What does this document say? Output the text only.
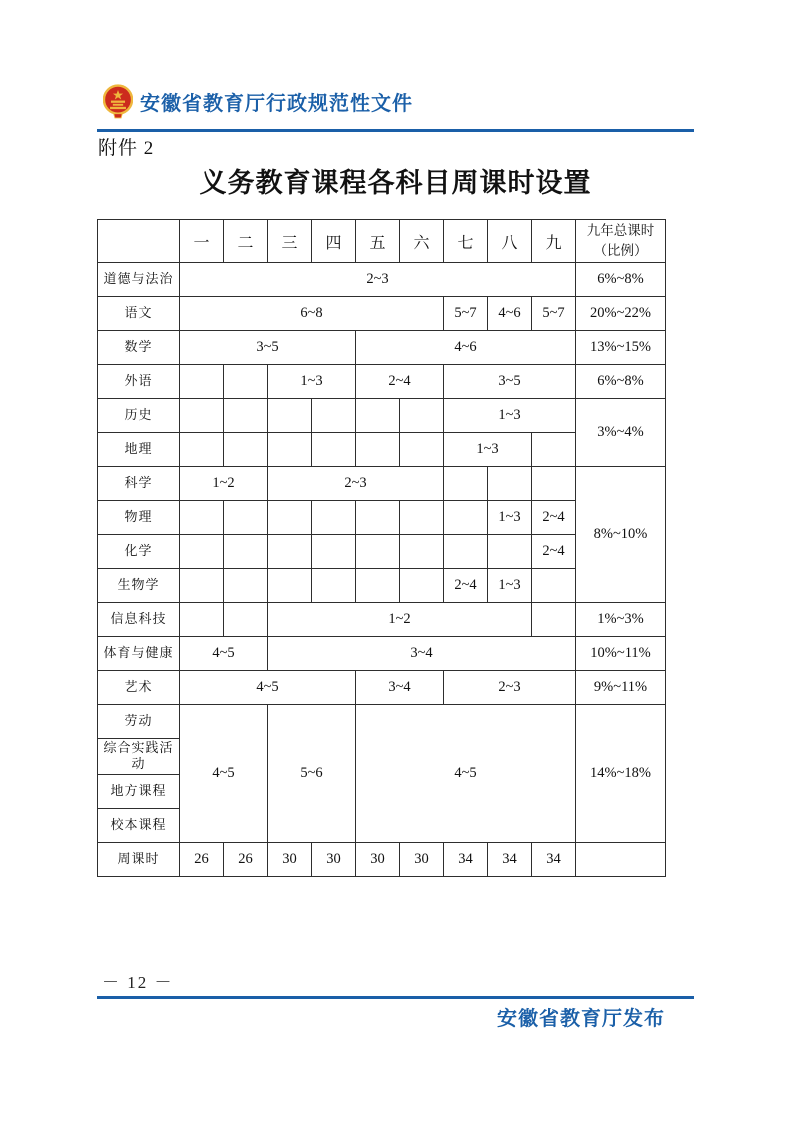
安徽省教育厅行政规范性文件
附件 2
义务教育课程各科目周课时设置
	一	二	三	四	五	六	七	八	九	九年总课时
（比例）

道德与法治	2~3									6%~8%
语文	6~8						5~7	4~6	5~7	20%~22%
数学	3~5				4~6					13%~15%
外语			1~3		2~4		3~5			6%~8%
历史							1~3			3%~4%
地理							1~3			
科学	1~2		2~3							8%~10%
物理								1~3	2~4	
化学									2~4	
生物学							2~4	1~3		
信息科技			1~2							1%~3%
体育与健康	4~5		3~4							10%~11%
艺术	4~5				3~4		2~3			9%~11%
劳动	4~5		5~6		4~5					14%~18%
综合实践活动										
地方课程										
校本课程										
周课时	26	26	30	30	30	30	34	34	34	
－ 12 －
安徽省教育厅发布
